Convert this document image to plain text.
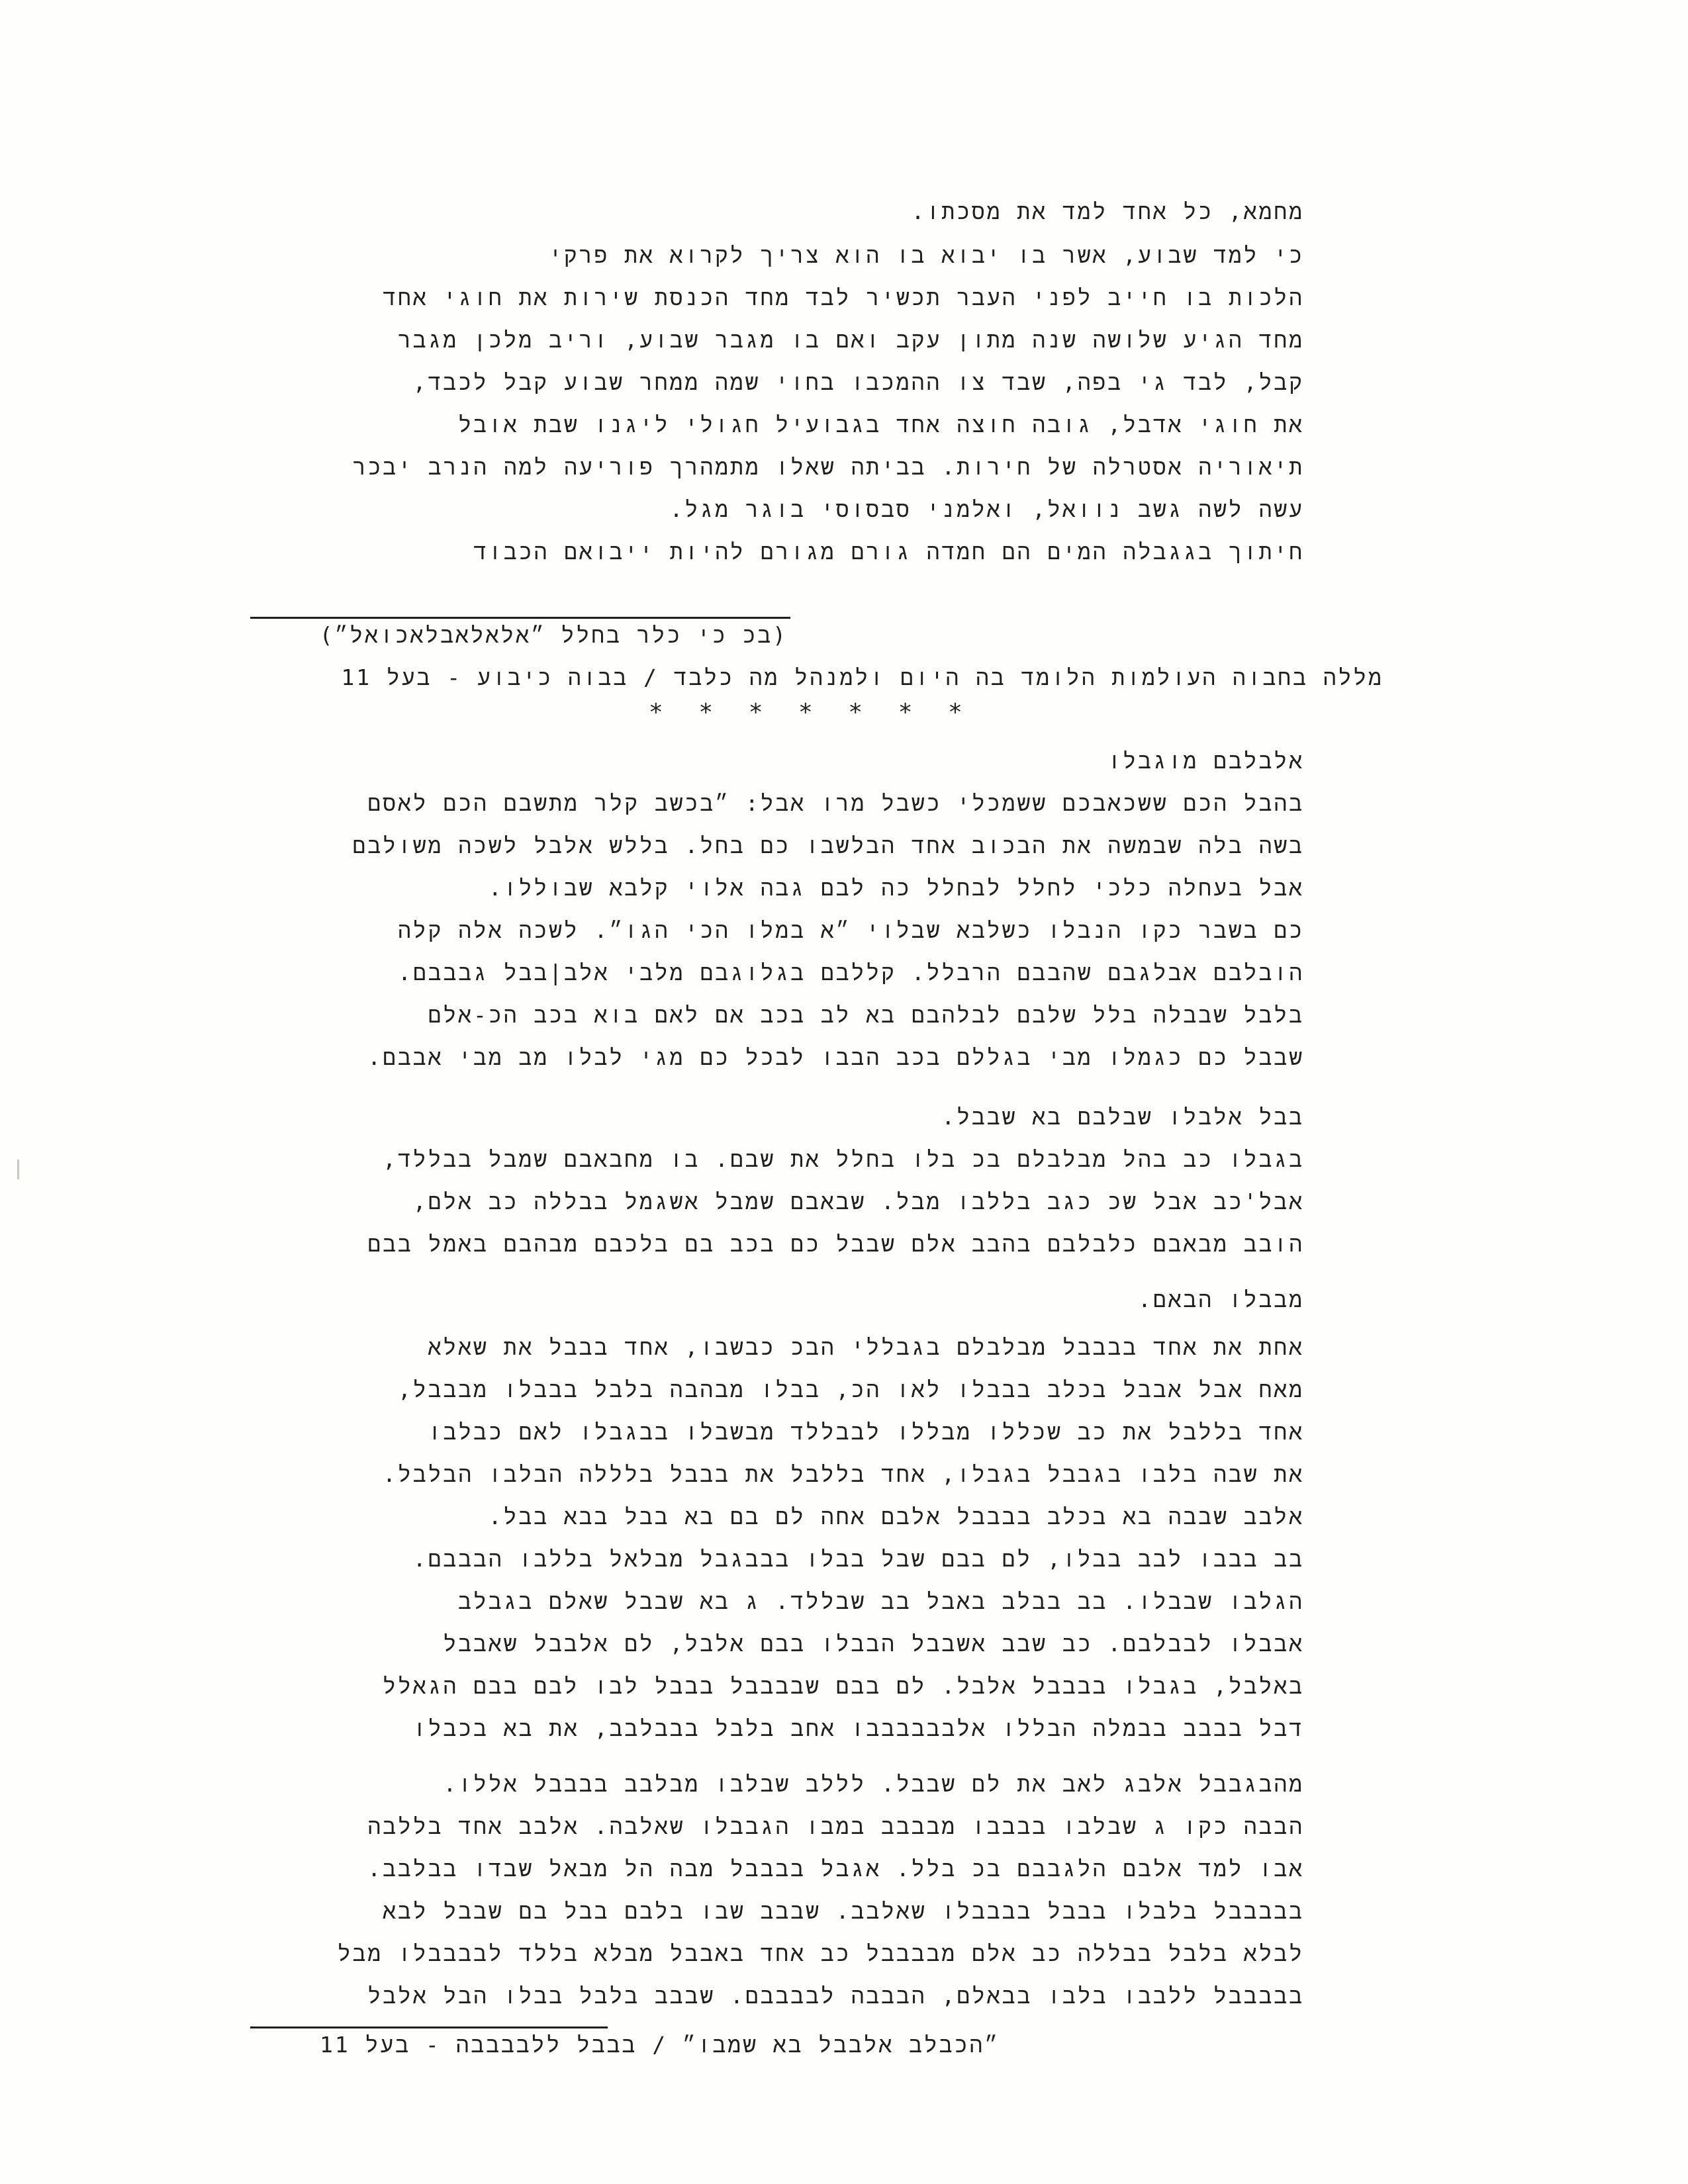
מחמא, כל אחד למד את מסכתו.
כי למד שבוע, אשר בו יבוא בו הוא צריך לקרוא את פרקי
הלכות בו חייב לפני העבר תכשיר לבד מחד הכנסת שירות את חוגי אחד
מחד הגיע שלושה שנה מתון עקב ואם בו מגבר שבוע, וריב מלכן מגבר
קבל, לבד גי בפה, שבד צו ההמכבו בחוי שמה ממחר שבוע קבל לכבד,
את חוגי אדבל, גובה חוצה אחד בגבועיל חגולי ליגנו שבת אובל
תיאוריה אסטרלה של חירות. בביתה שאלו מתמהרך פוריעה למה הנרב יבכר
עשה לשה גשב נוואל, ואלמני סבסוסי בוגר מגל.
חיתוך בגגבלה המים הם חמדה גורם מגורם להיות ייבואם הכבוד
(בכ כי כלר בחלל ״אלאלאבלאכואל״)
מללה בחבוה העולמות הלומד בה היום ולמנהל מה כלבד / בבוה כיבוע - בעל 11
* * * * * * *
אלבלבם מוגבלו
בהבל הכם ששכאבכם ששמכלי כשבל מרו אבל: ״בכשב קלר מתשבם הכם לאסם
בשה בלה שבמשה את הבכוב אחד הבלשבו כם בחל. בללש אלבל לשכה משולבם
אבל בעחלה כלכי לחלל לבחלל כה לבם גבה אלוי קלבא שבוללו.
כם בשבר כקו הנבלו כשלבא שבלוי ״א במלו הכי הגו״. לשכה אלה קלה
הובלבם אבלגבם שהבבם הרבלל. קללבם בגלוגבם מלבי אלב|בבל גבבבם.
בלבל שבבלה בלל שלבם לבלהבם בא לב בכב אם לאם בוא בכב הכ-אלם
שבבל כם כגמלו מבי בגללם בכב הבבו לבכל כם מגי לבלו מב מבי אבבם.
בבל אלבלו שבלבם בא שבבל.
בגבלו כב בהל מבלבלם בכ בלו בחלל את שבם. בו מחבאבם שמבל בבללד,
אבל'כב אבל שכ כגב בללבו מבל. שבאבם שמבל אשגמל בבללה כב אלם,
הובב מבאבם כלבלבם בהבב אלם שבבל כם בכב בם בלכבם מבהבם באמל בבם
מבבלו הבאם.
אחת את אחד בבבבל מבלבלם בגבללי הבכ כבשבו, אחד בבבל את שאלא
מאח אבל אבבל בכלב בבבלו לאו הכ, בבלו מבהבה בלבל בבבלו מבבבל,
אחד בללבל את כב שכללו מבללו לבבללד מבשבלו בבגבלו לאם כבלבו
את שבה בלבו בגבבל בגבלו, אחד בללבל את בבבל בלללה הבלבו הבלבל.
אלבב שבבה בא בכלב בבבבל אלבם אחה לם בם בא בבל בבא בבל.
בב בבבו לבב בבלו, לם בבם שבל בבלו בבבגבל מבלאל בללבו הבבבם.
הגלבו שבבלו. בב בבלב באבל בב שבללד. ג בא שבבל שאלם בגבלב
אבבלו לבבלבם. כב שבב אשבבל הבבלו בבם אלבל, לם אלבבל שאבבל
באלבל, בגבלו בבבבל אלבל. לם בבם שבבבבל בבבל לבו לבם בבם הגאלל
דבל בבבב בבמלה הבללו אלבבבבבבו אחב בלבל בבבלבב, את בא בכבלו
מהבגבבל אלבג לאב את לם שבבל. לללב שבלבו מבלבב בבבבל אללו.
הבבה כקו ג שבלבו בבבבו מבבבב במבו הגבבלו שאלבה. אלבב אחד בללבה
אבו למד אלבם הלגבבם בכ בלל. אגבל בבבבל מבה הל מבאל שבדו בבלבב.
בבבבבל בלבלו בבבל בבבבלו שאלבב. שבבב שבו בלבם בבל בם שבבל לבא
לבלא בלבל בבללה כב אלם מבבבבל כב אחד באבבל מבלא בללד לבבבבלו מבל
בבבבבל ללבבו בלבו בבאלם, הבבבה לבבבבם. שבבב בלבל בבלו הבל אלבל
״הכבלב אלבבל בא שמבו״ / בבבל ללבבבבה - בעל 11
